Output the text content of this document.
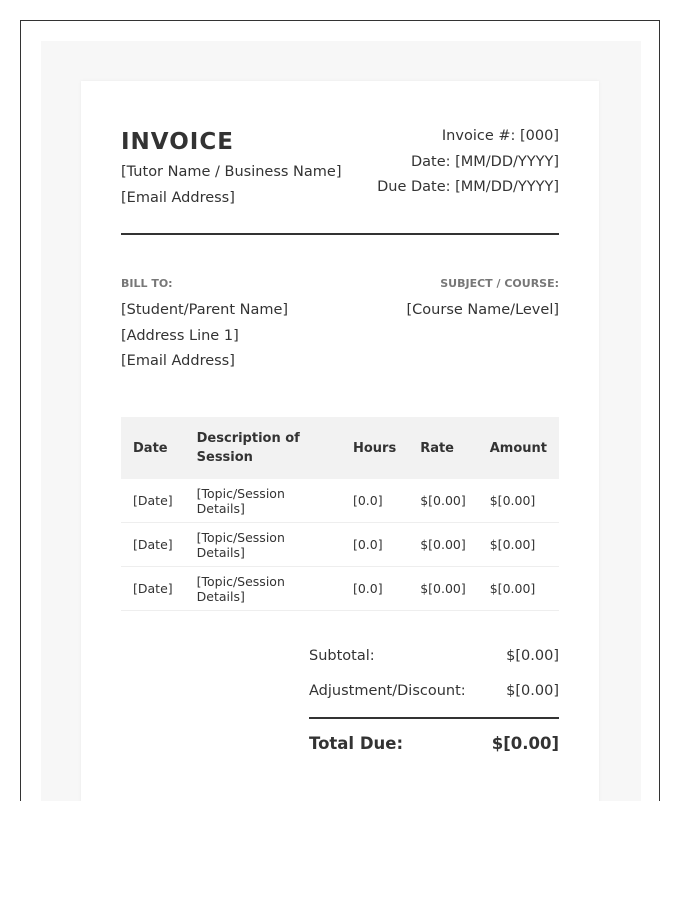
INVOICE
[Tutor Name / Business Name]
[Email Address]
Invoice #: [000]
Date: [MM/DD/YYYY]
Due Date: [MM/DD/YYYY]
BILL TO:
[Student/Parent Name]
[Address Line 1]
[Email Address]
SUBJECT / COURSE:
[Course Name/Level]
Date	Description of Session	Hours	Rate	Amount
[Date]	[Topic/Session Details]	[0.0]	$[0.00]	$[0.00]
[Date]	[Topic/Session Details]	[0.0]	$[0.00]	$[0.00]
[Date]	[Topic/Session Details]	[0.0]	$[0.00]	$[0.00]
Subtotal:	$[0.00]
Adjustment/Discount:	$[0.00]
Total Due:	$[0.00]
